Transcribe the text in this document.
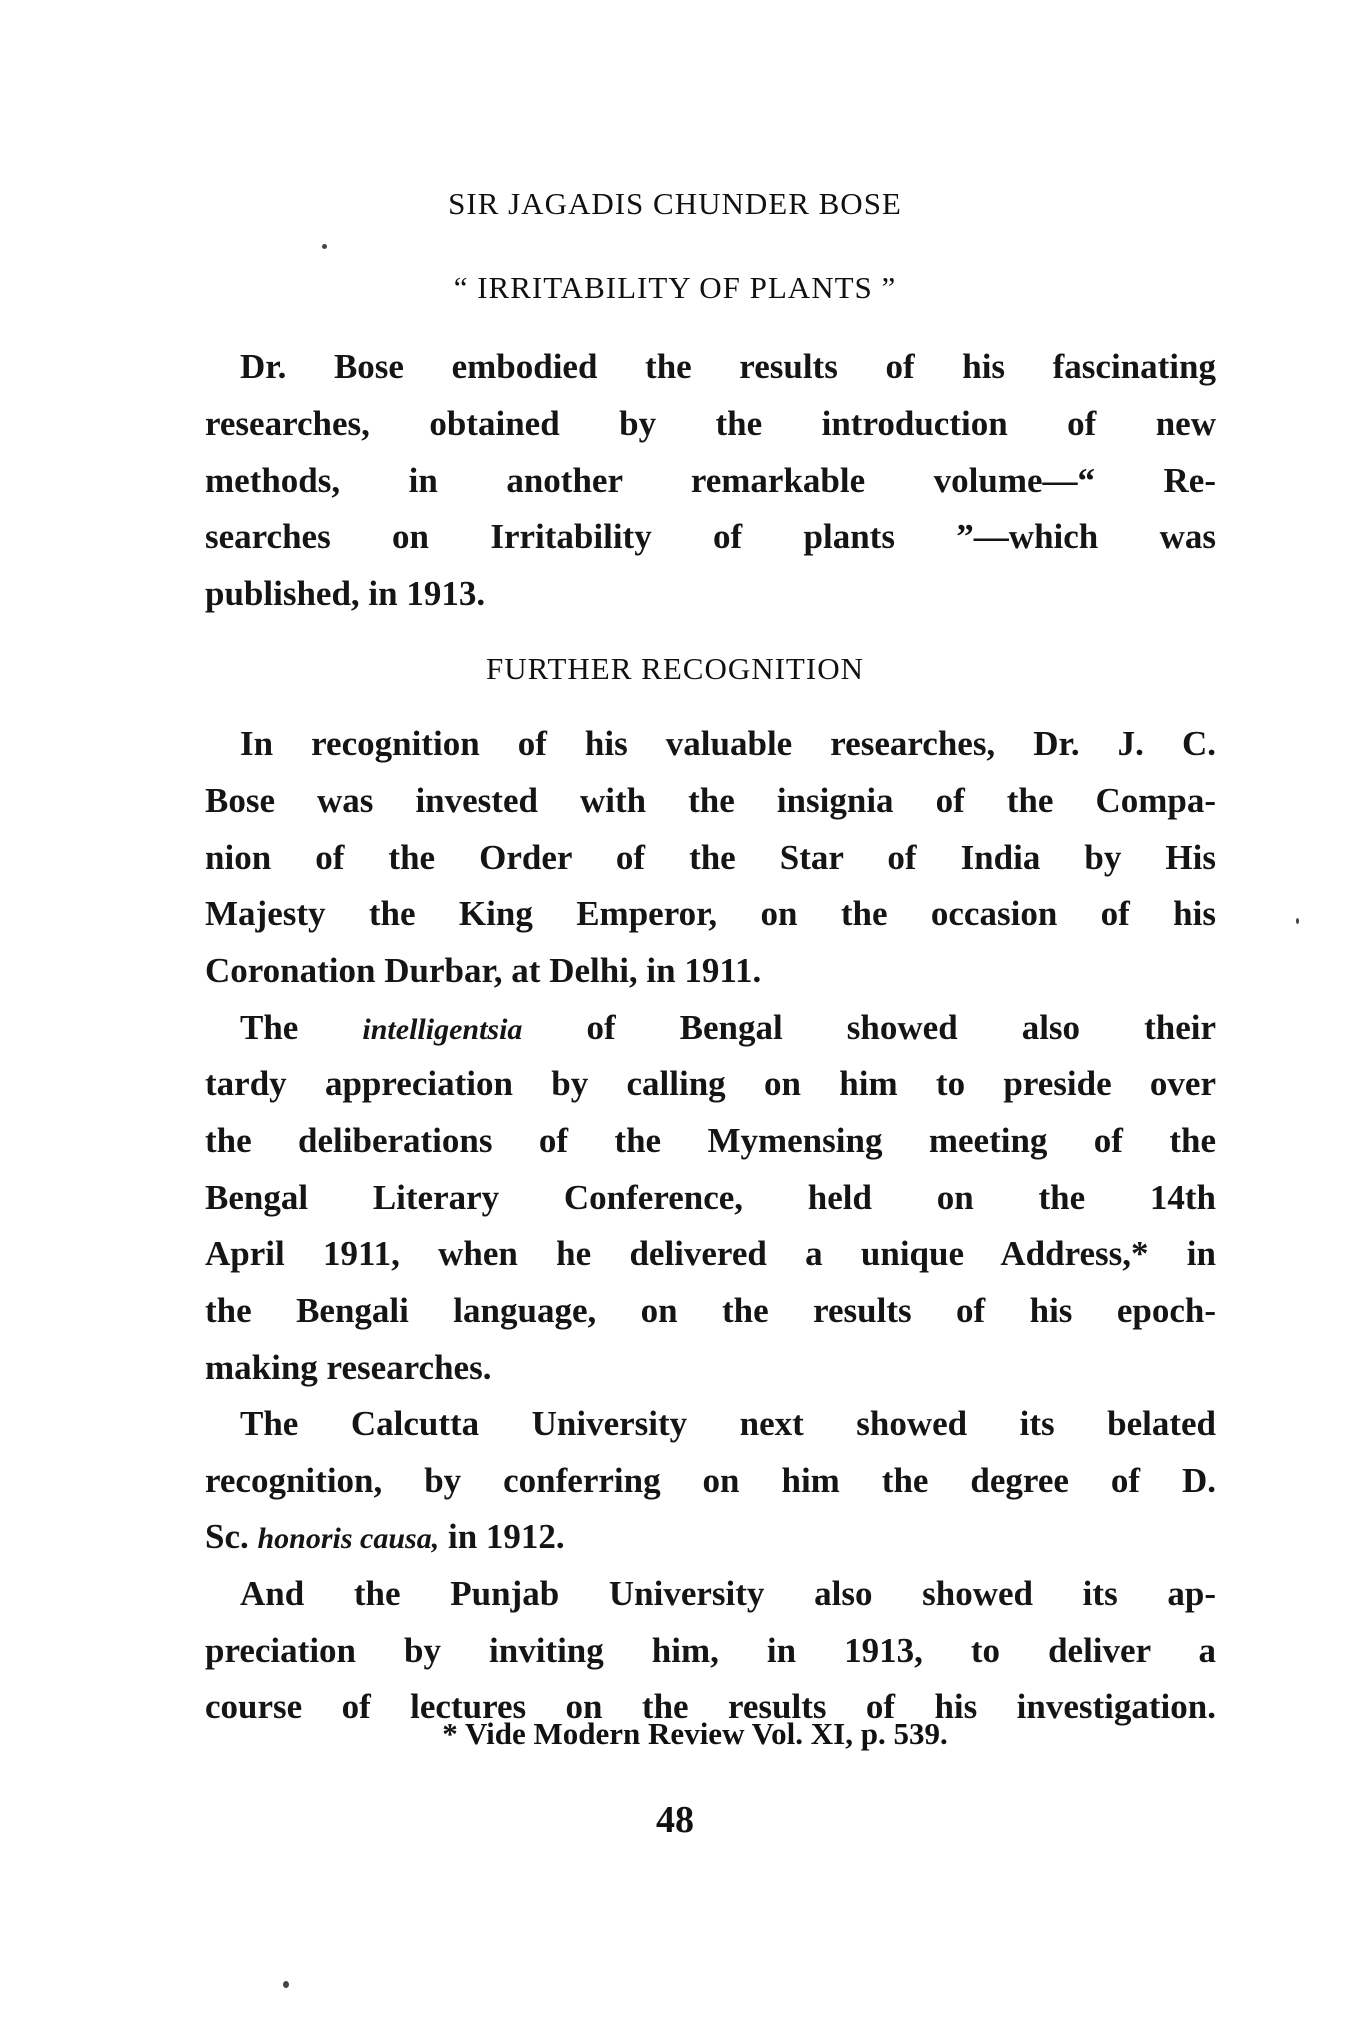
SIR JAGADIS CHUNDER BOSE
“ IRRITABILITY OF PLANTS ”
Dr. Bose embodied the results of his fascinating
researches, obtained by the introduction of new
methods, in another remarkable volume—“ Re-
searches on Irritability of plants ”—which was
published, in 1913.
FURTHER RECOGNITION
In recognition of his valuable researches, Dr. J. C.
Bose was invested with the insignia of the Compa-
nion of the Order of the Star of India by His
Majesty the King Emperor, on the occasion of his
Coronation Durbar, at Delhi, in 1911.
The intelligentsia of Bengal showed also their
tardy appreciation by calling on him to preside over
the deliberations of the Mymensing meeting of the
Bengal Literary Conference, held on the 14th
April 1911, when he delivered a unique Address,* in
the Bengali language, on the results of his epoch-
making researches.
The Calcutta University next showed its belated
recognition, by conferring on him the degree of D.
Sc. honoris causa, in 1912.
And the Punjab University also showed its ap-
preciation by inviting him, in 1913, to deliver a
course of lectures on the results of his investigation.
* Vide Modern Review Vol. XI, p. 539.
48
